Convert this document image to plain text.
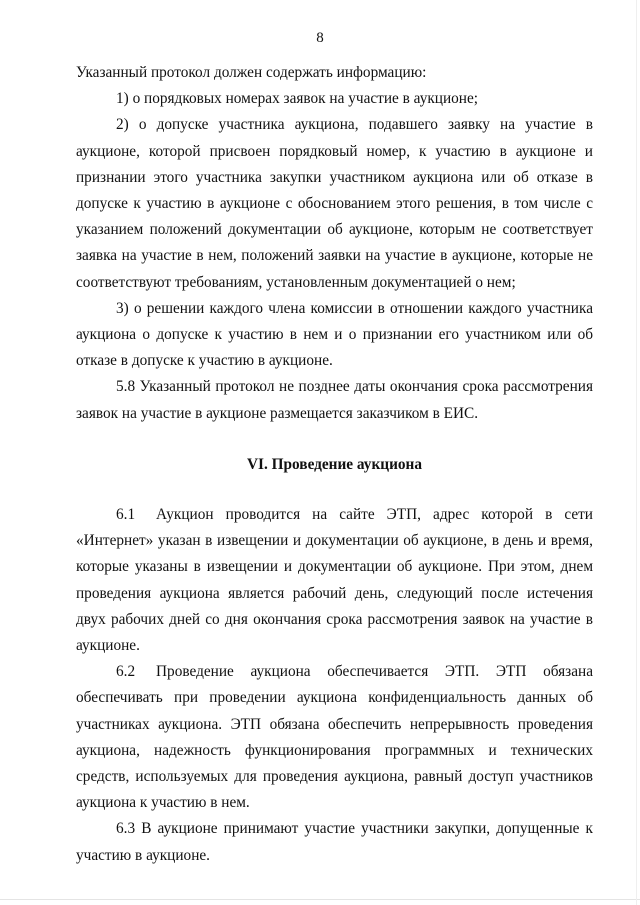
8

Указанный протокол должен содержать информацию:

1) о порядковых номерах заявок на участие в аукционе;

2) о допуске участника аукциона, подавшего заявку на участие в аукционе, которой присвоен порядковый номер, к участию в аукционе и признании этого участника закупки участником аукциона или об отказе в допуске к участию в аукционе с обоснованием этого решения, в том числе с указанием положений документации об аукционе, которым не соответствует заявка на участие в нем, положений заявки на участие в аукционе, которые не соответствуют требованиям, установленным документацией о нем;

3) о решении каждого члена комиссии в отношении каждого участника аукциона о допуске к участию в нем и о признании его участником или об отказе в допуске к участию в аукционе.

5.8 Указанный протокол не позднее даты окончания срока рассмотрения заявок на участие в аукционе размещается заказчиком в ЕИС.

VI. Проведение аукциона

6.1 Аукцион проводится на сайте ЭТП, адрес которой в сети «Интернет» указан в извещении и документации об аукционе, в день и время, которые указаны в извещении и документации об аукционе. При этом, днем проведения аукциона является рабочий день, следующий после истечения двух рабочих дней со дня окончания срока рассмотрения заявок на участие в аукционе.

6.2 Проведение аукциона обеспечивается ЭТП. ЭТП обязана обеспечивать при проведении аукциона конфиденциальность данных об участниках аукциона. ЭТП обязана обеспечить непрерывность проведения аукциона, надежность функционирования программных и технических средств, используемых для проведения аукциона, равный доступ участников аукциона к участию в нем.

6.3 В аукционе принимают участие участники закупки, допущенные к участию в аукционе.
